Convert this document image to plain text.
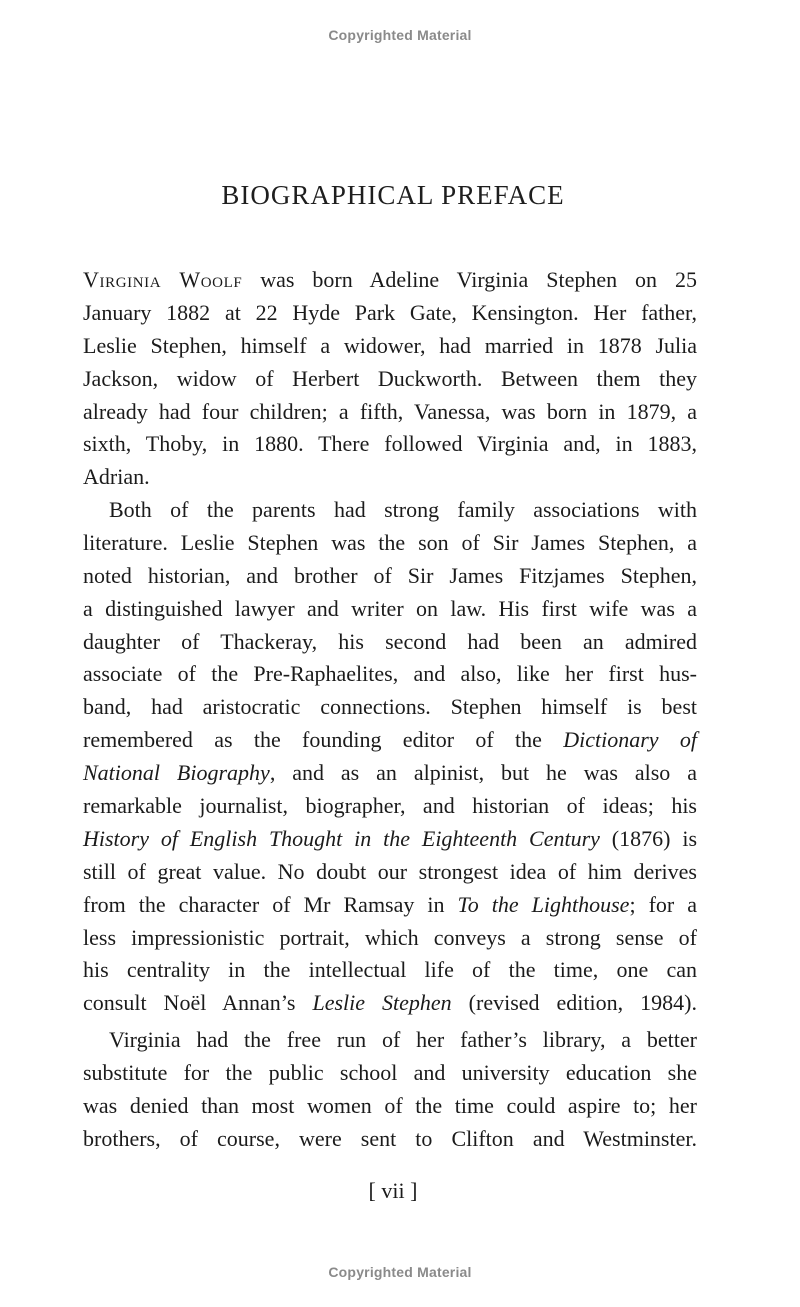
Copyrighted Material
BIOGRAPHICAL PREFACE
Virginia Woolf was born Adeline Virginia Stephen on 25
January 1882 at 22 Hyde Park Gate, Kensington. Her father,
Leslie Stephen, himself a widower, had married in 1878 Julia
Jackson, widow of Herbert Duckworth. Between them they
already had four children; a fifth, Vanessa, was born in 1879, a
sixth, Thoby, in 1880. There followed Virginia and, in 1883,
Adrian.
Both of the parents had strong family associations with
literature. Leslie Stephen was the son of Sir James Stephen, a
noted historian, and brother of Sir James Fitzjames Stephen,
a distinguished lawyer and writer on law. His first wife was a
daughter of Thackeray, his second had been an admired
associate of the Pre-Raphaelites, and also, like her first hus-
band, had aristocratic connections. Stephen himself is best
remembered as the founding editor of the Dictionary of
National Biography, and as an alpinist, but he was also a
remarkable journalist, biographer, and historian of ideas; his
History of English Thought in the Eighteenth Century (1876) is
still of great value. No doubt our strongest idea of him derives
from the character of Mr Ramsay in To the Lighthouse; for a
less impressionistic portrait, which conveys a strong sense of
his centrality in the intellectual life of the time, one can
consult Noël Annan’s Leslie Stephen (revised edition, 1984).
Virginia had the free run of her father’s library, a better
substitute for the public school and university education she
was denied than most women of the time could aspire to; her
brothers, of course, were sent to Clifton and Westminster.
[ vii ]
Copyrighted Material
